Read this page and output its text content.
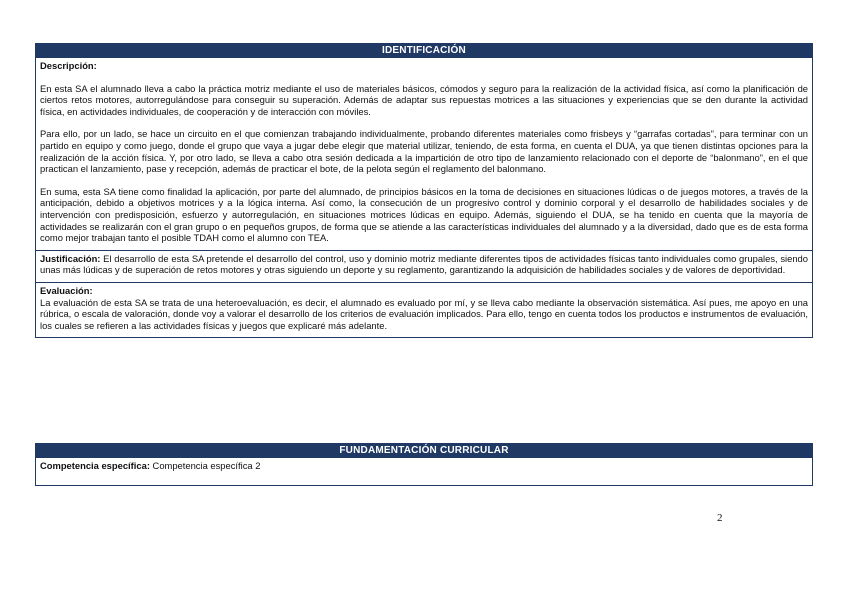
IDENTIFICACIÓN
Descripción:

En esta SA el alumnado lleva a cabo la práctica motriz mediante el uso de materiales básicos, cómodos y seguro para la realización de la actividad física, así como la planificación de ciertos retos motores, autorregulándose para conseguir su superación. Además de adaptar sus repuestas motrices a las situaciones y experiencias que se den durante la actividad física, en actividades individuales, de cooperación y de interacción con móviles.

Para ello, por un lado, se hace un circuito en el que comienzan trabajando individualmente, probando diferentes materiales como frisbeys y “garrafas cortadas”, para terminar con un partido en equipo y como juego, donde el grupo que vaya a jugar debe elegir que material utilizar, teniendo, de esta forma, en cuenta el DUA, ya que tienen distintas opciones para la realización de la acción física. Y, por otro lado, se lleva a cabo otra sesión dedicada a la impartición de otro tipo de lanzamiento relacionado con el deporte de “balonmano”, en el que practican el lanzamiento, pase y recepción, además de practicar el bote, de la pelota según el reglamento del balonmano.

En suma, esta SA tiene como finalidad la aplicación, por parte del alumnado, de principios básicos en la toma de decisiones en situaciones lúdicas o de juegos motores, a través de la anticipación, debido a objetivos motrices y a la lógica interna. Así como, la consecución de un progresivo control y dominio corporal y el desarrollo de habilidades sociales y de intervención con predisposición, esfuerzo y autorregulación, en situaciones motrices lúdicas en equipo. Además, siguiendo el DUA, se ha tenido en cuenta que la mayoría de actividades se realizarán con el gran grupo o en pequeños grupos, de forma que se atiende a las características individuales del alumnado y a la diversidad, dado que es de esta forma como mejor trabajan tanto el posible TDAH como el alumno con TEA.

Justificación: El desarrollo de esta SA pretende el desarrollo del control, uso y dominio motriz mediante diferentes tipos de actividades físicas tanto individuales como grupales, siendo unas más lúdicas y de superación de retos motores y otras siguiendo un deporte y su reglamento, garantizando la adquisición de habilidades sociales y de valores de deportividad.

Evaluación:

La evaluación de esta SA se trata de una heteroevaluación, es decir, el alumnado es evaluado por mí, y se lleva cabo mediante la observación sistemática. Así pues, me apoyo en una rúbrica, o escala de valoración, donde voy a valorar el desarrollo de los criterios de evaluación implicados. Para ello, tengo en cuenta todos los productos e instrumentos de evaluación, los cuales se refieren a las actividades físicas y juegos que explicaré más adelante.

FUNDAMENTACIÓN CURRICULAR
Competencia específica: Competencia específica 2
2
